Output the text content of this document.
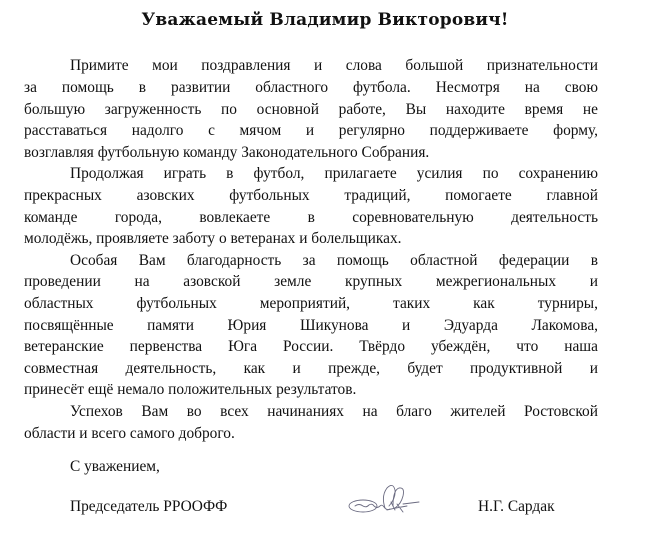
Уважаемый Владимир Викторович!
Примите мои поздравления и слова большой признательности
за помощь в развитии областного футбола. Несмотря на свою
большую загруженность по основной работе, Вы находите время не
расставаться надолго с мячом и регулярно поддерживаете форму,
возглавляя футбольную команду Законодательного Собрания.
Продолжая играть в футбол, прилагаете усилия по сохранению
прекрасных азовских футбольных традиций, помогаете главной
команде города, вовлекаете в соревновательную деятельность
молодёжь, проявляете заботу о ветеранах и болельщиках.
Особая Вам благодарность за помощь областной федерации в
проведении на азовской земле крупных межрегиональных и
областных футбольных мероприятий, таких как турниры,
посвящённые памяти Юрия Шикунова и Эдуарда Лакомова,
ветеранские первенства Юга России. Твёрдо убеждён, что наша
совместная деятельность, как и прежде, будет продуктивной и
принесёт ещё немало положительных результатов.
Успехов Вам во всех начинаниях на благо жителей Ростовской
области и всего самого доброго.
С уважением,
Председатель РРООФФ	Н.Г. Сардак
